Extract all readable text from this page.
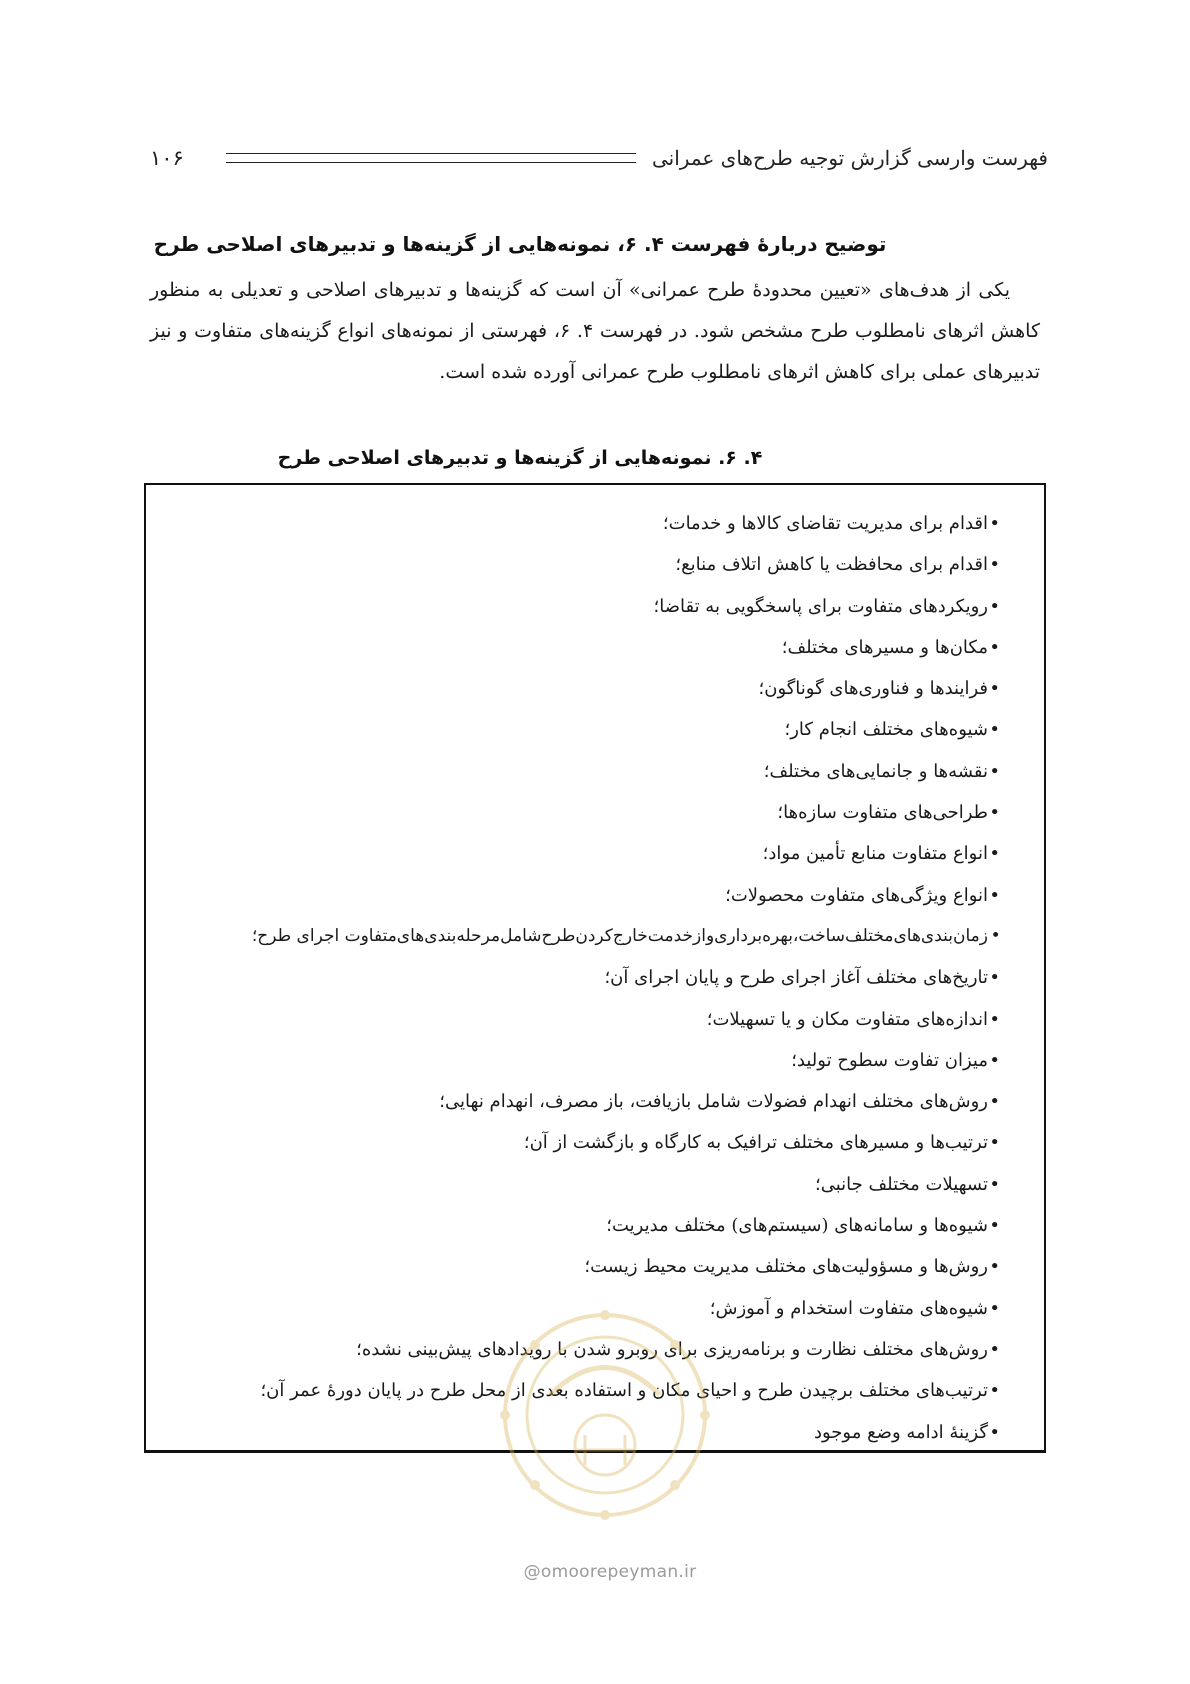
۱۰۶	فهرست وارسی گزارش توجیه طرح‌های عمرانی
توضیح دربارهٔ فهرست ۴. ۶، نمونه‌هایی از گزینه‌ها و تدبیرهای اصلاحی طرح
یکی از هدف‌های «تعیین محدودهٔ طرح عمرانی» آن است که گزینه‌ها و تدبیرهای اصلاحی و تعدیلی به منظور کاهش اثرهای نامطلوب طرح مشخص شود. در فهرست ۴. ۶، فهرستی از نمونه‌های انواع گزینه‌های متفاوت و نیز تدبیرهای عملی برای کاهش اثرهای نامطلوب طرح عمرانی آورده شده است.
۴. ۶. نمونه‌هایی از گزینه‌ها و تدبیرهای اصلاحی طرح
•اقدام برای مدیریت تقاضای کالاها و خدمات؛
•اقدام برای محافظت یا کاهش اتلاف منابع؛
•رویکردهای متفاوت برای پاسخگویی به تقاضا؛
•مکان‌ها و مسیرهای مختلف؛
•فرایندها و فناوری‌های گوناگون؛
•شیوه‌های مختلف انجام کار؛
•نقشه‌ها و جانمایی‌های مختلف؛
•طراحی‌های متفاوت سازه‌ها؛
•انواع متفاوت منابع تأمین مواد؛
•انواع ویژگی‌های متفاوت محصولات؛
•زمان‌بندی‌های‌مختلف‌ساخت،بهره‌برداری‌واز‌خدمت‌خارج‌کردن‌طرح‌شامل‌مرحله‌بندی‌های‌متفاوت اجرای طرح؛
•تاریخ‌های مختلف آغاز اجرای طرح و پایان اجرای آن؛
•اندازه‌های متفاوت مکان و یا تسهیلات؛
•میزان تفاوت سطوح تولید؛
•روش‌های مختلف انهدام فضولات شامل بازیافت، باز مصرف، انهدام نهایی؛
•ترتیب‌ها و مسیرهای مختلف ترافیک به کارگاه و بازگشت از آن؛
•تسهیلات مختلف جانبی؛
•شیوه‌ها و سامانه‌های (سیستم‌های) مختلف مدیریت؛
•روش‌ها و مسؤولیت‌های مختلف مدیریت محیط زیست؛
•شیوه‌های متفاوت استخدام و آموزش؛
•روش‌های مختلف نظارت و برنامه‌ریزی برای روبرو شدن با رویدادهای پیش‌بینی نشده؛
•ترتیب‌های مختلف برچیدن طرح و احیای مکان و استفاده بعدی از محل طرح در پایان دورهٔ عمر آن؛
•گزینهٔ ادامه وضع موجود
@omoorepeyman.ir
